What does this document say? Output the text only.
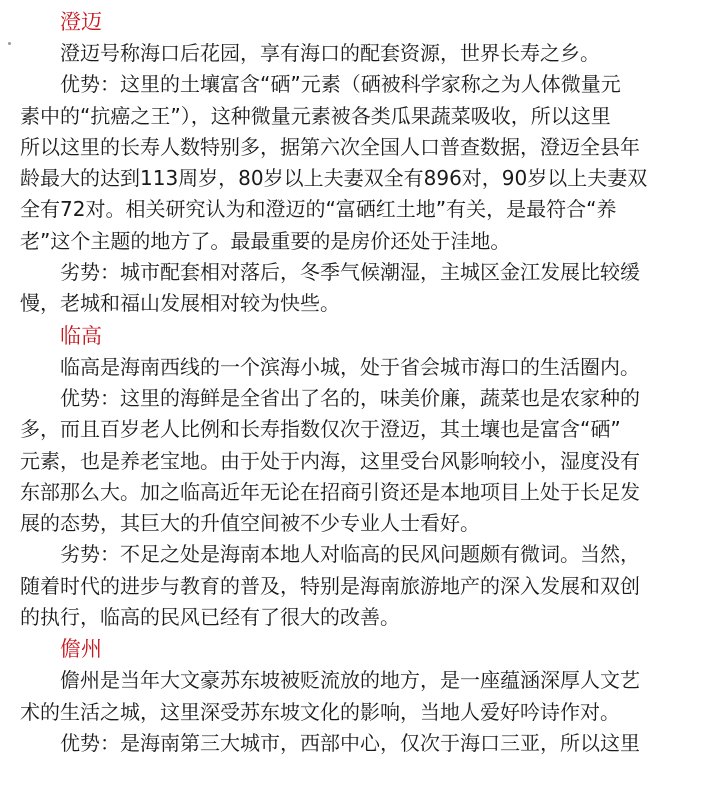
澄迈

澄迈号称海口后花园，享有海口的配套资源，世界长寿之乡。

优势：这里的土壤富含“硒”元素（硒被科学家称之为人体微量元

素中的“抗癌之王”），这种微量元素被各类瓜果蔬菜吸收，所以这里

所以这里的长寿人数特别多，据第六次全国人口普查数据，澄迈全县年

龄最大的达到113周岁，80岁以上夫妻双全有896对，90岁以上夫妻双

全有72对。相关研究认为和澄迈的“富硒红土地”有关，是最符合“养

老”这个主题的地方了。最最重要的是房价还处于洼地。

劣势：城市配套相对落后，冬季气候潮湿，主城区金江发展比较缓

慢，老城和福山发展相对较为快些。

临高

临高是海南西线的一个滨海小城，处于省会城市海口的生活圈内。

优势：这里的海鲜是全省出了名的，味美价廉，蔬菜也是农家种的

多，而且百岁老人比例和长寿指数仅次于澄迈，其土壤也是富含“硒”

元素，也是养老宝地。由于处于内海，这里受台风影响较小，湿度没有

东部那么大。加之临高近年无论在招商引资还是本地项目上处于长足发

展的态势，其巨大的升值空间被不少专业人士看好。

劣势：不足之处是海南本地人对临高的民风问题颇有微词。当然，

随着时代的进步与教育的普及，特别是海南旅游地产的深入发展和双创

的执行，临高的民风已经有了很大的改善。

儋州

儋州是当年大文豪苏东坡被贬流放的地方，是一座蕴涵深厚人文艺

术的生活之城，这里深受苏东坡文化的影响，当地人爱好吟诗作对。

优势：是海南第三大城市，西部中心，仅次于海口三亚，所以这里
